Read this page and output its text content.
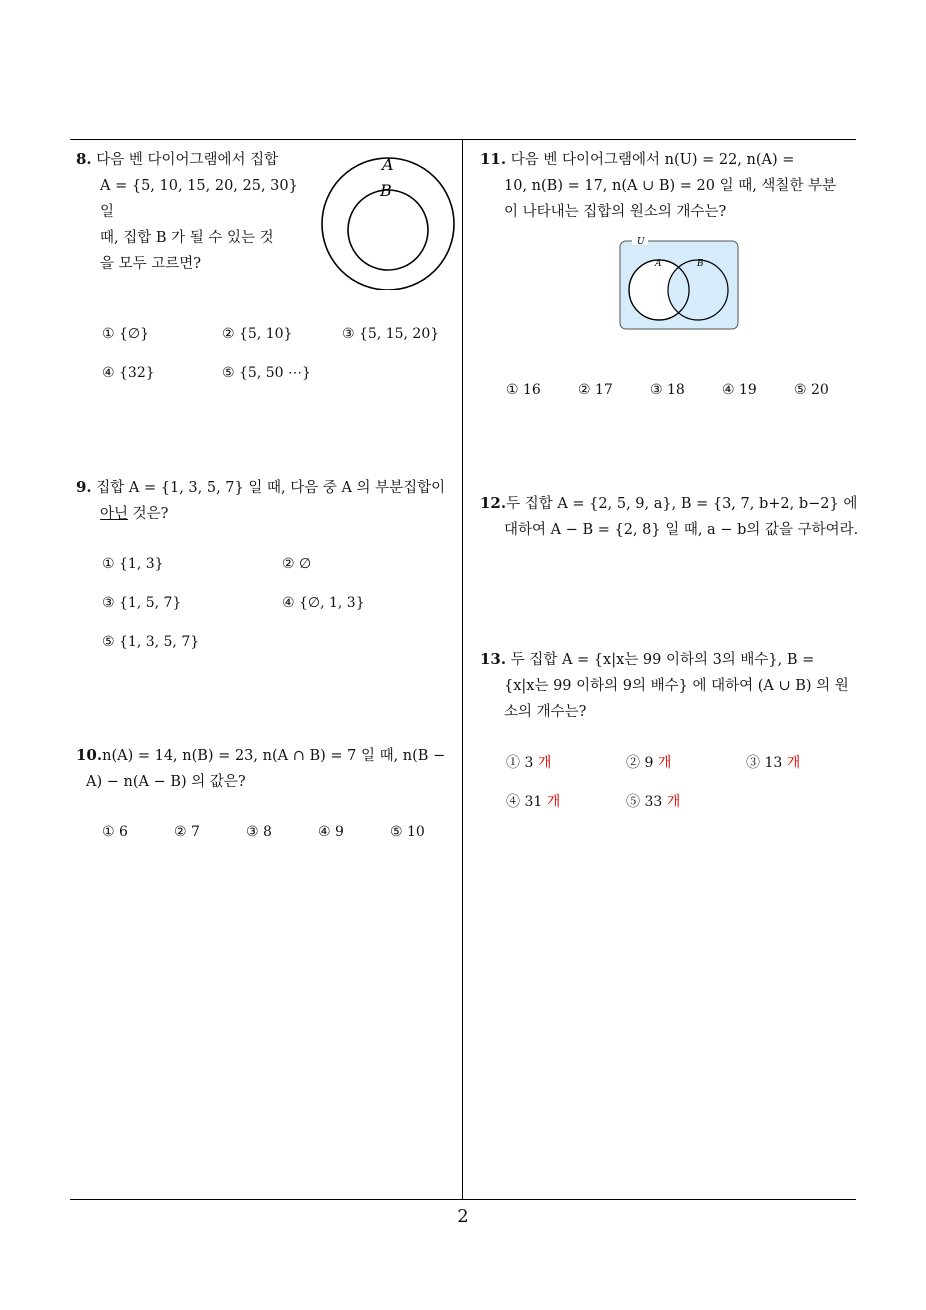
8. 다음 벤 다이어그램에서 집합
A = {5, 10, 15, 20, 25, 30} 일
때, 집합 B 가 될 수 있는 것
을 모두 고르면?
A
B
① {∅}	② {5, 10}	③ {5, 15, 20}
④ {32}	⑤ {5, 50 ⋯}
9. 집합 A = {1, 3, 5, 7} 일 때, 다음 중 A 의 부분집합이
아닌 것은?
① {1, 3}	② ∅
③ {1, 5, 7}	④ {∅, 1, 3}
⑤ {1, 3, 5, 7}
10.n(A) = 14, n(B) = 23, n(A ∩ B) = 7 일 때, n(B −
A) − n(A − B) 의 값은?
① 6	② 7	③ 8	④ 9	⑤ 10
11. 다음 벤 다이어그램에서 n(U) = 22, n(A) =
10, n(B) = 17, n(A ∪ B) = 20 일 때, 색칠한 부분
이 나타내는 집합의 원소의 개수는?
U
A	B
① 16	② 17	③ 18	④ 19	⑤ 20
12.두 집합 A = {2, 5, 9, a}, B = {3, 7, b+2, b−2} 에
대하여 A − B = {2, 8} 일 때, a − b의 값을 구하여라.
13. 두 집합 A = {x|x는 99 이하의 3의 배수}, B =
{x|x는 99 이하의 9의 배수} 에 대하여 (A ∪ B) 의 원
소의 개수는?
① 3 개	② 9 개	③ 13 개
④ 31 개	⑤ 33 개
2
